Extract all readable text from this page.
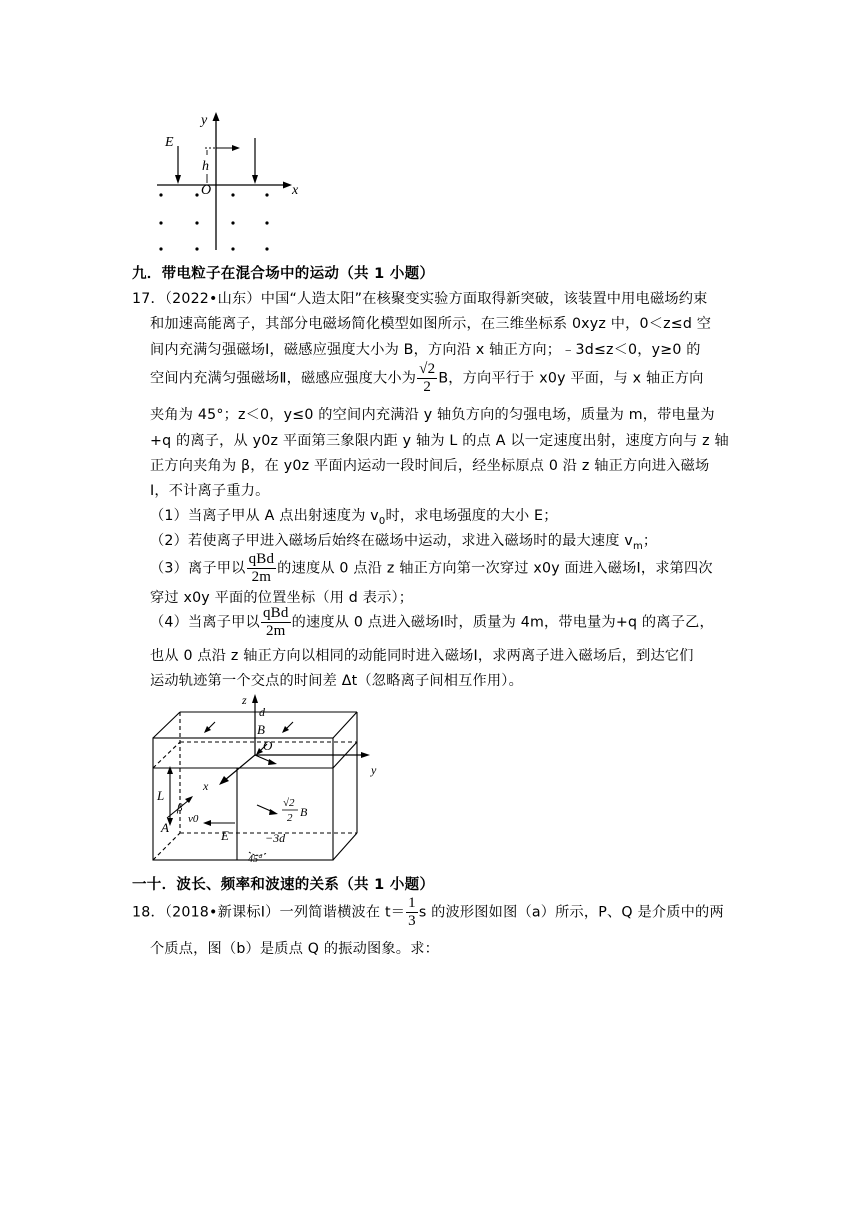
E
y
h
O	x
九．带电粒子在混合场中的运动（共 1 小题）
17．（2022•山东）中国“人造太阳”在核聚变实验方面取得新突破，该装置中用电磁场约束
和加速高能离子，其部分电磁场简化模型如图所示，在三维坐标系 0xyz 中，0＜z≤d 空
间内充满匀强磁场Ⅰ，磁感应强度大小为 B，方向沿 x 轴正方向；﹣3d≤z＜0，y≥0 的
空间内充满匀强磁场Ⅱ，磁感应强度大小为 $\frac{√2}{2}$ B，方向平行于 x0y 平面，与 x 轴正方向
夹角为 45°；z＜0，y≤0 的空间内充满沿 y 轴负方向的匀强电场，质量为 m，带电量为
+q 的离子，从 y0z 平面第三象限内距 y 轴为 L 的点 A 以一定速度出射，速度方向与 z 轴
正方向夹角为 β，在 y0z 平面内运动一段时间后，经坐标原点 0 沿 z 轴正方向进入磁场
Ⅰ，不计离子重力。
（1）当离子甲从 A 点出射速度为 $v_0$时，求电场强度的大小 E；
（2）若使离子甲进入磁场后始终在磁场中运动，求进入磁场时的最大速度 $v_m$；
（3）离子甲以 $\frac{\text{qBd}}{2m}$ 的速度从 0 点沿 z 轴正方向第一次穿过 x0y 面进入磁场Ⅰ，求第四次
穿过 x0y 平面的位置坐标（用 d 表示）；
（4）当离子甲以 $\frac{\text{qBd}}{2m}$ 的速度从 0 点进入磁场Ⅰ时，质量为 4m，带电量为+q 的离子乙，
也从 0 点沿 z 轴正方向以相同的动能同时进入磁场Ⅰ，求两离子进入磁场后，到达它们
运动轨迹第一个交点的时间差 Δt（忽略离子间相互作用）。
z
d
B
O
y
x
L
β
A
v0
E
√2
2 B
−3d
45°
一十．波长、频率和波速的关系（共 1 小题）
18．（2018•新课标Ⅰ）一列简谐横波在 $t= \frac{1}{3}$ s 的波形图如图（a）所示，P、Q 是介质中的两
个质点，图（b）是质点 Q 的振动图象。求：
